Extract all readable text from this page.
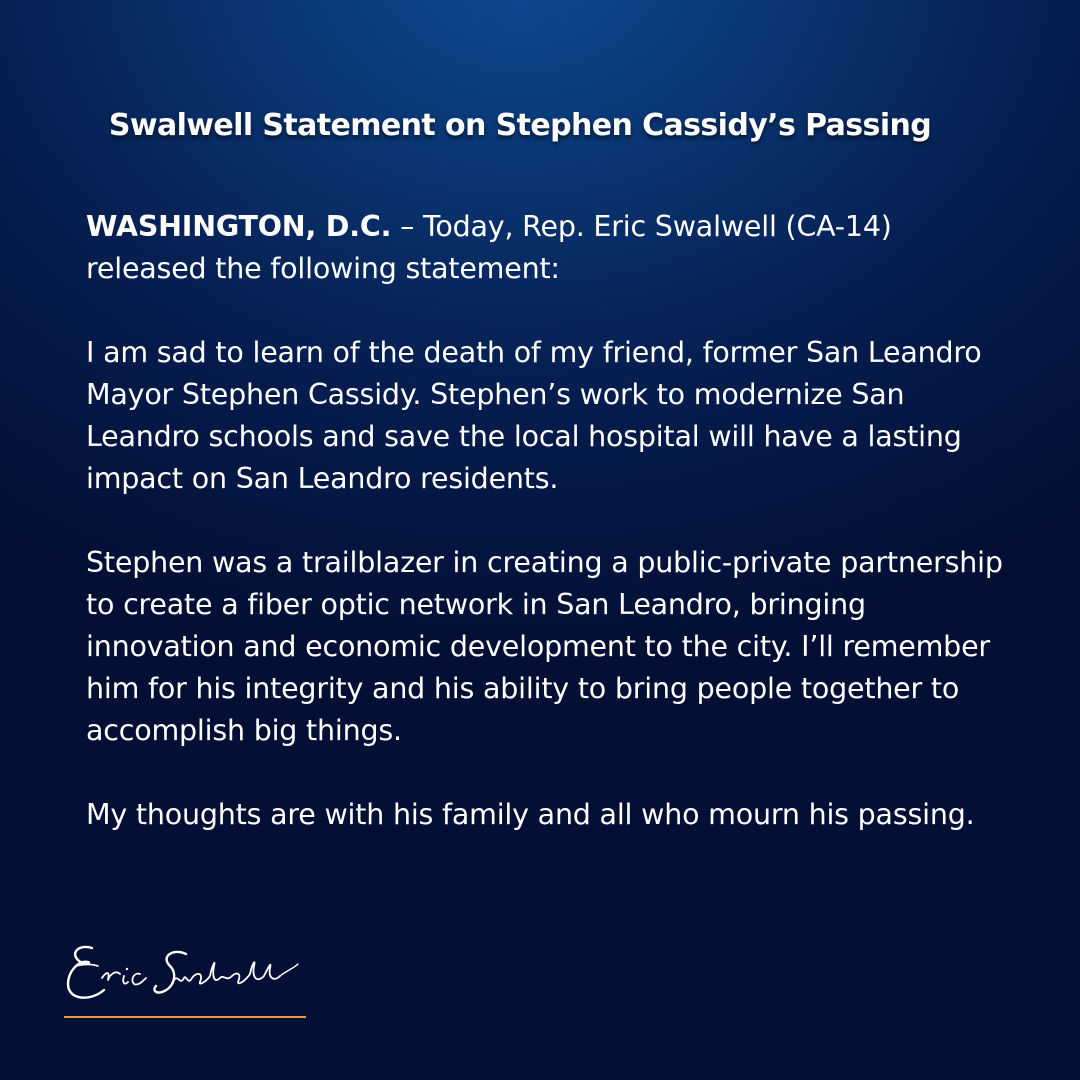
Swalwell Statement on Stephen Cassidy’s Passing

WASHINGTON, D.C. – Today, Rep. Eric Swalwell (CA-14) released the following statement:

I am sad to learn of the death of my friend, former San Leandro Mayor Stephen Cassidy. Stephen’s work to modernize San Leandro schools and save the local hospital will have a lasting impact on San Leandro residents.

Stephen was a trailblazer in creating a public-private partnership to create a fiber optic network in San Leandro, bringing innovation and economic development to the city. I’ll remember him for his integrity and his ability to bring people together to accomplish big things.

My thoughts are with his family and all who mourn his passing.
